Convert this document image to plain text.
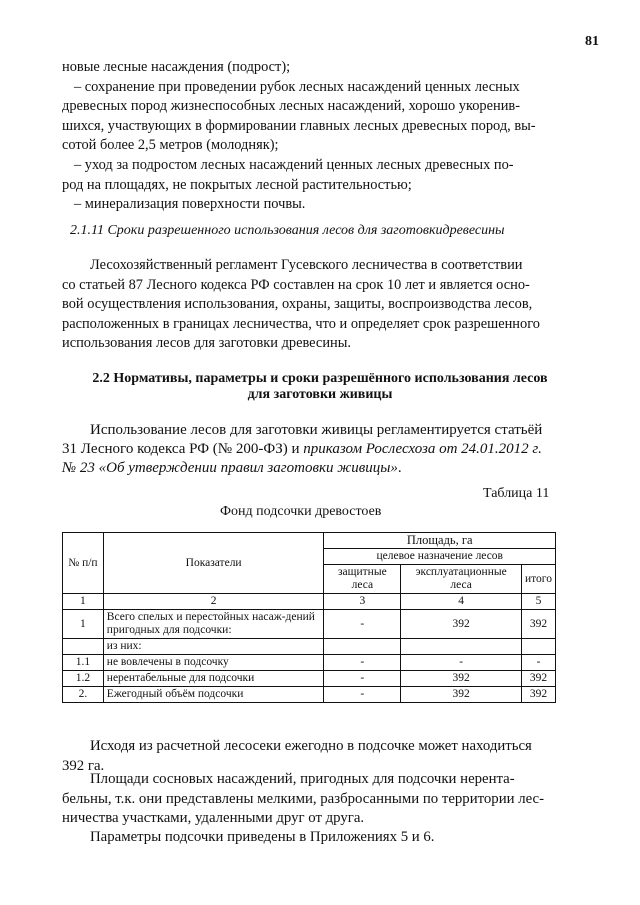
81
новые лесные насаждения (подрост);
– сохранение при проведении рубок лесных насаждений ценных лесных
древесных пород жизнеспособных лесных насаждений, хорошо укоренив-
шихся, участвующих в формировании главных лесных древесных пород, вы-
сотой более 2,5 метров (молодняк);
– уход за подростом лесных насаждений ценных лесных древесных по-
род на площадях, не покрытых лесной растительностью;
– минерализация поверхности почвы.
2.1.11 Сроки разрешенного использования лесов для заготовкидревесины
Лесохозяйственный регламент Гусевского лесничества в соответствии
со статьей 87 Лесного кодекса РФ составлен на срок 10 лет и является осно-
вой осуществления использования, охраны, защиты, воспроизводства лесов,
расположенных в границах лесничества, что и определяет срок разрешенного
использования лесов для заготовки древесины.
2.2 Нормативы, параметры и сроки разрешённого использования лесов
для заготовки живицы
Использование лесов для заготовки живицы регламентируется статьёй
31 Лесного кодекса РФ (№ 200-ФЗ) и приказом Рослесхоза от 24.01.2012 г.
№ 23 «Об утверждении правил заготовки живицы».
Таблица 11
Фонд подсочки древостоев
№ п/п	Показатели	Площадь, га		
		целевое назначение лесов		
		защитные леса	эксплуатационные леса	итого
1	2	3	4	5
1	Всего спелых и перестойных насаж-дений пригодных для подсочки:	-	392	392
	из них:			
1.1	не вовлечены в подсочку	-	-	-
1.2	нерентабельные для подсочки	-	392	392
2.	Ежегодный объём подсочки	-	392	392
Исходя из расчетной лесосеки ежегодно в подсочке может находиться
392 га.
Площади сосновых насаждений, пригодных для подсочки нерента-
бельны, т.к. они представлены мелкими, разбросанными по территории лес-
ничества участками, удаленными друг от друга.
Параметры подсочки приведены в Приложениях 5 и 6.
